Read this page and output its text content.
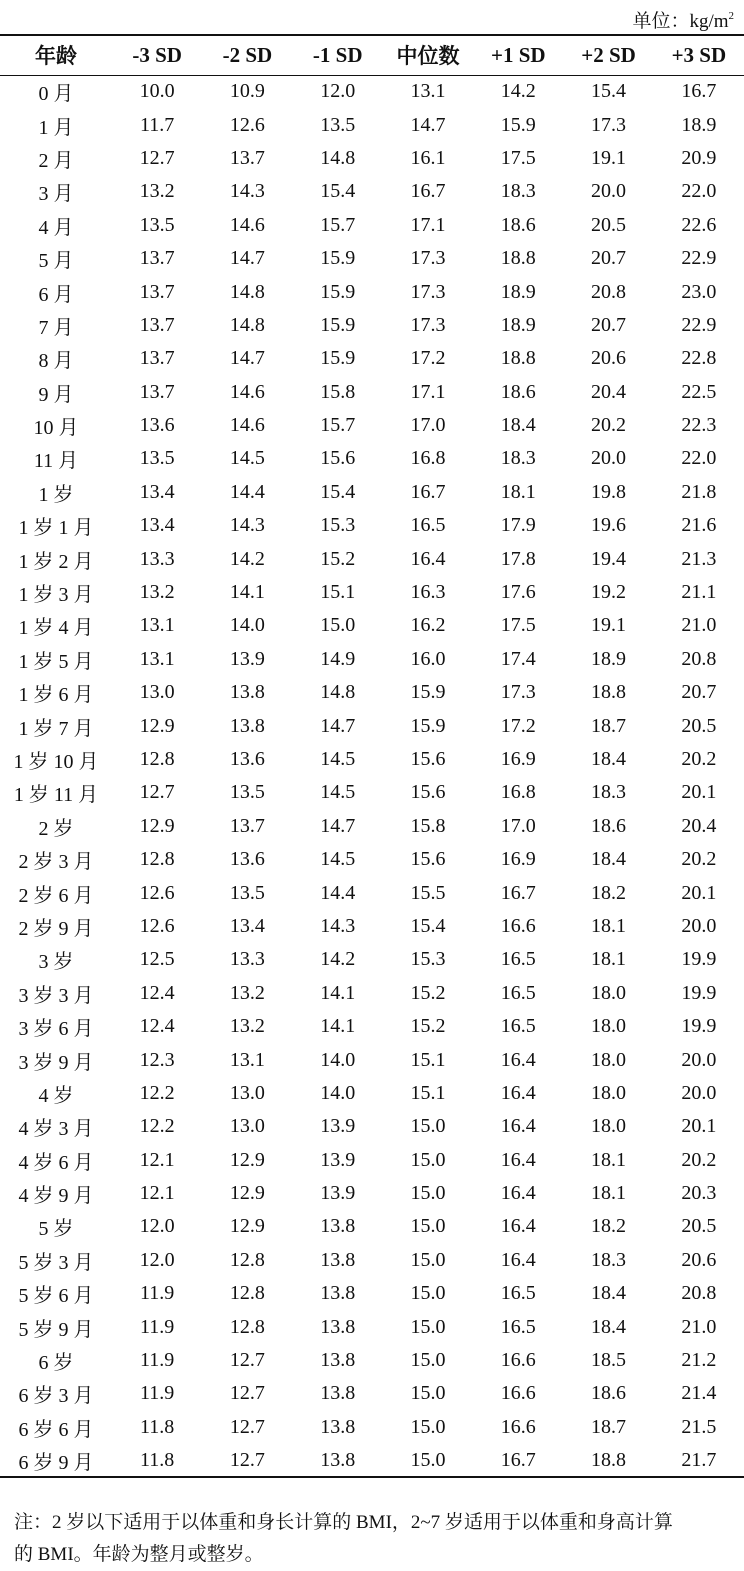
单位：$kg/m^2$
年龄	-3 SD	-2 SD	-1 SD	中位数	+1 SD	+2 SD	+3 SD
0 月	10.0	10.9	12.0	13.1	14.2	15.4	16.7
1 月	11.7	12.6	13.5	14.7	15.9	17.3	18.9
2 月	12.7	13.7	14.8	16.1	17.5	19.1	20.9
3 月	13.2	14.3	15.4	16.7	18.3	20.0	22.0
4 月	13.5	14.6	15.7	17.1	18.6	20.5	22.6
5 月	13.7	14.7	15.9	17.3	18.8	20.7	22.9
6 月	13.7	14.8	15.9	17.3	18.9	20.8	23.0
7 月	13.7	14.8	15.9	17.3	18.9	20.7	22.9
8 月	13.7	14.7	15.9	17.2	18.8	20.6	22.8
9 月	13.7	14.6	15.8	17.1	18.6	20.4	22.5
10 月	13.6	14.6	15.7	17.0	18.4	20.2	22.3
11 月	13.5	14.5	15.6	16.8	18.3	20.0	22.0
1 岁	13.4	14.4	15.4	16.7	18.1	19.8	21.8
1 岁 1 月	13.4	14.3	15.3	16.5	17.9	19.6	21.6
1 岁 2 月	13.3	14.2	15.2	16.4	17.8	19.4	21.3
1 岁 3 月	13.2	14.1	15.1	16.3	17.6	19.2	21.1
1 岁 4 月	13.1	14.0	15.0	16.2	17.5	19.1	21.0
1 岁 5 月	13.1	13.9	14.9	16.0	17.4	18.9	20.8
1 岁 6 月	13.0	13.8	14.8	15.9	17.3	18.8	20.7
1 岁 7 月	12.9	13.8	14.7	15.9	17.2	18.7	20.5
1 岁 10 月	12.8	13.6	14.5	15.6	16.9	18.4	20.2
1 岁 11 月	12.7	13.5	14.5	15.6	16.8	18.3	20.1
2 岁	12.9	13.7	14.7	15.8	17.0	18.6	20.4
2 岁 3 月	12.8	13.6	14.5	15.6	16.9	18.4	20.2
2 岁 6 月	12.6	13.5	14.4	15.5	16.7	18.2	20.1
2 岁 9 月	12.6	13.4	14.3	15.4	16.6	18.1	20.0
3 岁	12.5	13.3	14.2	15.3	16.5	18.1	19.9
3 岁 3 月	12.4	13.2	14.1	15.2	16.5	18.0	19.9
3 岁 6 月	12.4	13.2	14.1	15.2	16.5	18.0	19.9
3 岁 9 月	12.3	13.1	14.0	15.1	16.4	18.0	20.0
4 岁	12.2	13.0	14.0	15.1	16.4	18.0	20.0
4 岁 3 月	12.2	13.0	13.9	15.0	16.4	18.0	20.1
4 岁 6 月	12.1	12.9	13.9	15.0	16.4	18.1	20.2
4 岁 9 月	12.1	12.9	13.9	15.0	16.4	18.1	20.3
5 岁	12.0	12.9	13.8	15.0	16.4	18.2	20.5
5 岁 3 月	12.0	12.8	13.8	15.0	16.4	18.3	20.6
5 岁 6 月	11.9	12.8	13.8	15.0	16.5	18.4	20.8
5 岁 9 月	11.9	12.8	13.8	15.0	16.5	18.4	21.0
6 岁	11.9	12.7	13.8	15.0	16.6	18.5	21.2
6 岁 3 月	11.9	12.7	13.8	15.0	16.6	18.6	21.4
6 岁 6 月	11.8	12.7	13.8	15.0	16.6	18.7	21.5
6 岁 9 月	11.8	12.7	13.8	15.0	16.7	18.8	21.7
注：2 岁以下适用于以体重和身长计算的 BMI，2~7 岁适用于以体重和身高计算
的 BMI。年龄为整月或整岁。
